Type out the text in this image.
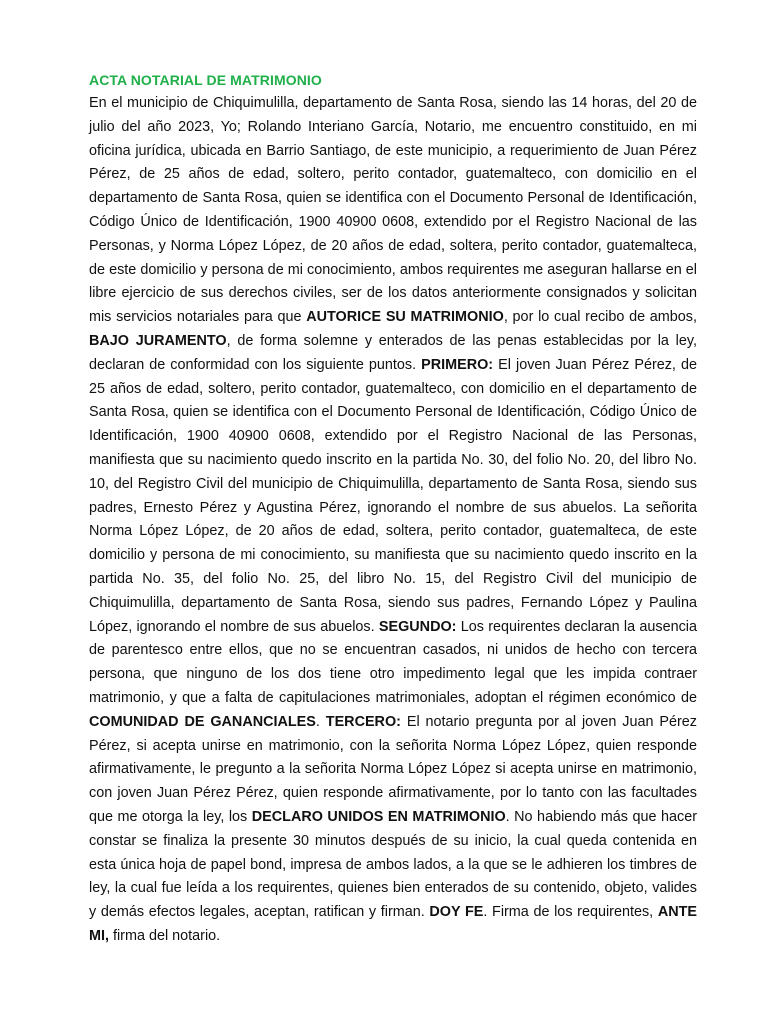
ACTA NOTARIAL DE MATRIMONIO

En el municipio de Chiquimulilla, departamento de Santa Rosa, siendo las 14 horas, del 20 de julio del año 2023, Yo; Rolando Interiano García, Notario, me encuentro constituido, en mi oficina jurídica, ubicada en Barrio Santiago, de este municipio, a requerimiento de Juan Pérez Pérez, de 25 años de edad, soltero, perito contador, guatemalteco, con domicilio en el departamento de Santa Rosa, quien se identifica con el Documento Personal de Identificación, Código Único de Identificación, 1900 40900 0608, extendido por el Registro Nacional de las Personas, y Norma López López, de 20 años de edad, soltera, perito contador, guatemalteca, de este domicilio y persona de mi conocimiento, ambos requirentes me aseguran hallarse en el libre ejercicio de sus derechos civiles, ser de los datos anteriormente consignados y solicitan mis servicios notariales para que AUTORICE SU MATRIMONIO, por lo cual recibo de ambos, BAJO JURAMENTO, de forma solemne y enterados de las penas establecidas por la ley, declaran de conformidad con los siguiente puntos. PRIMERO: El joven Juan Pérez Pérez, de 25 años de edad, soltero, perito contador, guatemalteco, con domicilio en el departamento de Santa Rosa, quien se identifica con el Documento Personal de Identificación, Código Único de Identificación, 1900 40900 0608, extendido por el Registro Nacional de las Personas, manifiesta que su nacimiento quedo inscrito en la partida No. 30, del folio No. 20, del libro No. 10, del Registro Civil del municipio de Chiquimulilla, departamento de Santa Rosa, siendo sus padres, Ernesto Pérez y Agustina Pérez, ignorando el nombre de sus abuelos. La señorita Norma López López, de 20 años de edad, soltera, perito contador, guatemalteca, de este domicilio y persona de mi conocimiento, su manifiesta que su nacimiento quedo inscrito en la partida No. 35, del folio No. 25, del libro No. 15, del Registro Civil del municipio de Chiquimulilla, departamento de Santa Rosa, siendo sus padres, Fernando López y Paulina López, ignorando el nombre de sus abuelos. SEGUNDO: Los requirentes declaran la ausencia de parentesco entre ellos, que no se encuentran casados, ni unidos de hecho con tercera persona, que ninguno de los dos tiene otro impedimento legal que les impida contraer matrimonio, y que a falta de capitulaciones matrimoniales, adoptan el régimen económico de COMUNIDAD DE GANANCIALES. TERCERO: El notario pregunta por al joven Juan Pérez Pérez, si acepta unirse en matrimonio, con la señorita Norma López López, quien responde afirmativamente, le pregunto a la señorita Norma López López si acepta unirse en matrimonio, con joven Juan Pérez Pérez, quien responde afirmativamente, por lo tanto con las facultades que me otorga la ley, los DECLARO UNIDOS EN MATRIMONIO. No habiendo más que hacer constar se finaliza la presente 30 minutos después de su inicio, la cual queda contenida en esta única hoja de papel bond, impresa de ambos lados, a la que se le adhieren los timbres de ley, la cual fue leída a los requirentes, quienes bien enterados de su contenido, objeto, valides y demás efectos legales, aceptan, ratifican y firman. DOY FE. Firma de los requirentes, ANTE MI, firma del notario.
